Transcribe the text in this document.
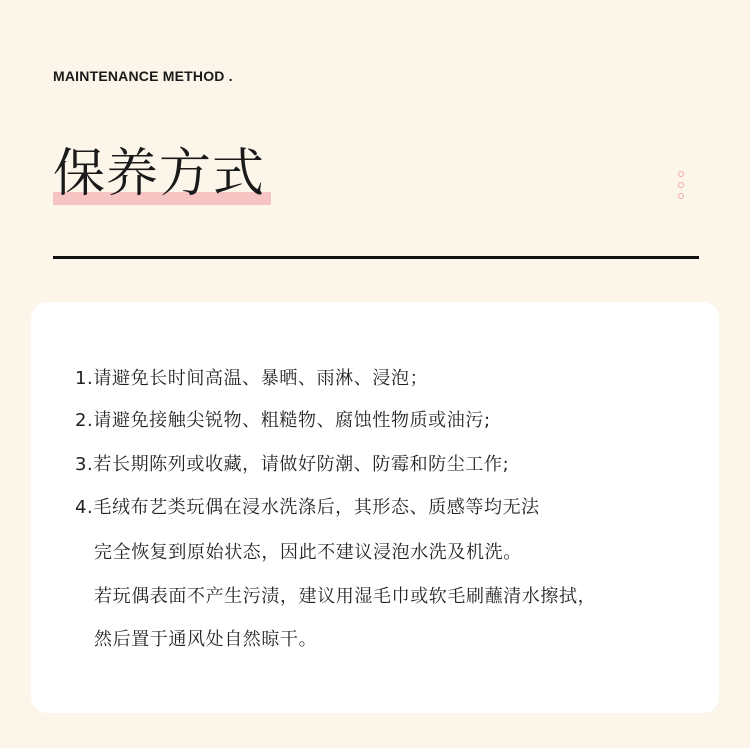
MAINTENANCE METHOD .
保养方式
1.请避免长时间高温、暴晒、雨淋、浸泡；
2.请避免接触尖锐物、粗糙物、腐蚀性物质或油污;
3.若长期陈列或收藏，请做好防潮、防霉和防尘工作;
4.毛绒布艺类玩偶在浸水洗涤后，其形态、质感等均无法
完全恢复到原始状态，因此不建议浸泡水洗及机洗。
若玩偶表面不产生污渍，建议用湿毛巾或软毛刷蘸清水擦拭，
然后置于通风处自然晾干。
